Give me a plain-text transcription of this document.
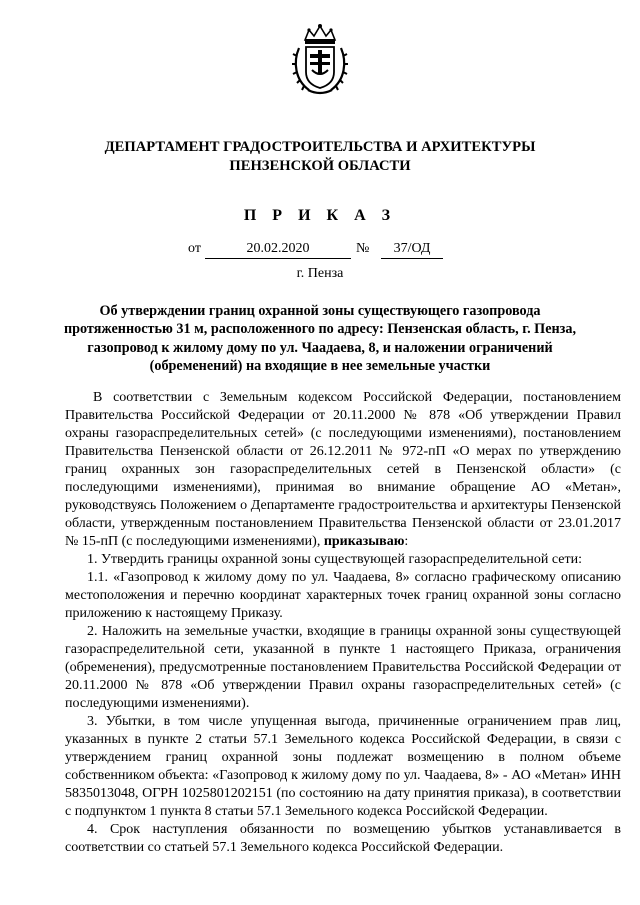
ДЕПАРТАМЕНТ ГРАДОСТРОИТЕЛЬСТВА И АРХИТЕКТУРЫ
ПЕНЗЕНСКОЙ ОБЛАСТИ
П Р И К А З
от	20.02.2020	№	37/ОД
г. Пенза
Об утверждении границ охранной зоны существующего газопровода протяженностью 31 м, расположенного по адресу: Пензенская область, г. Пенза, газопровод к жилому дому по ул. Чаадаева, 8, и наложении ограничений (обременений) на входящие в нее земельные участки

В соответствии с Земельным кодексом Российской Федерации, постановлением Правительства Российской Федерации от 20.11.2000 № 878 «Об утверждении Правил охраны газораспределительных сетей» (с последующими изменениями), постановлением Правительства Пензенской области от 26.12.2011 № 972-пП «О мерах по утверждению границ охранных зон газораспределительных сетей в Пензенской области» (с последующими изменениями), принимая во внимание обращение АО «Метан», руководствуясь Положением о Департаменте градостроительства и архитектуры Пензенской области, утвержденным постановлением Правительства Пензенской области от 23.01.2017 № 15-пП (с последующими изменениями), приказываю:

1. Утвердить границы охранной зоны существующей газораспределительной сети:

1.1. «Газопровод к жилому дому по ул. Чаадаева, 8» согласно графическому описанию местоположения и перечню координат характерных точек границ охранной зоны согласно приложению к настоящему Приказу.

2. Наложить на земельные участки, входящие в границы охранной зоны существующей газораспределительной сети, указанной в пункте 1 настоящего Приказа, ограничения (обременения), предусмотренные постановлением Правительства Российской Федерации от 20.11.2000 № 878 «Об утверждении Правил охраны газораспределительных сетей» (с последующими изменениями).

3. Убытки, в том числе упущенная выгода, причиненные ограничением прав лиц, указанных в пункте 2 статьи 57.1 Земельного кодекса Российской Федерации, в связи с утверждением границ охранной зоны подлежат возмещению в полном объеме собственником объекта: «Газопровод к жилому дому по ул. Чаадаева, 8» - АО «Метан» ИНН 5835013048, ОГРН 1025801202151 (по состоянию на дату принятия приказа), в соответствии с подпунктом 1 пункта 8 статьи 57.1 Земельного кодекса Российской Федерации.

4. Срок наступления обязанности по возмещению убытков устанавливается в соответствии со статьей 57.1 Земельного кодекса Российской Федерации.
